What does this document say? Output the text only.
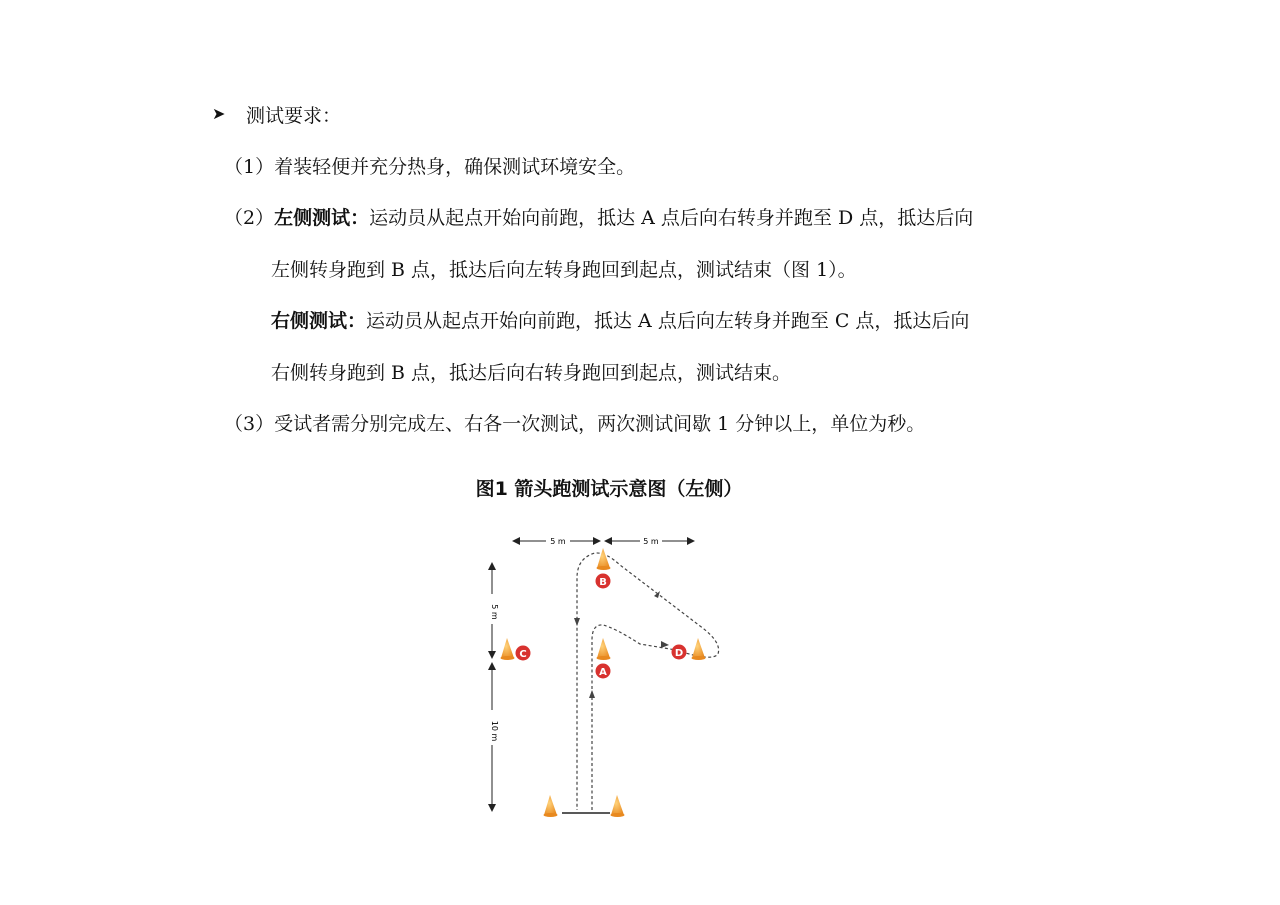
➤ 测试要求：
（1）着装轻便并充分热身，确保测试环境安全。
（2）左侧测试：运动员从起点开始向前跑，抵达 A 点后向右转身并跑至 D 点，抵达后向
左侧转身跑到 B 点，抵达后向左转身跑回到起点，测试结束（图 1）。
右侧测试：运动员从起点开始向前跑，抵达 A 点后向左转身并跑至 C 点，抵达后向
右侧转身跑到 B 点，抵达后向右转身跑回到起点，测试结束。
（3）受试者需分别完成左、右各一次测试，两次测试间歇 1 分钟以上，单位为秒。
图1 箭头跑测试示意图（左侧）
5 m	5 m
5 m
10 m
B
A
C	D
